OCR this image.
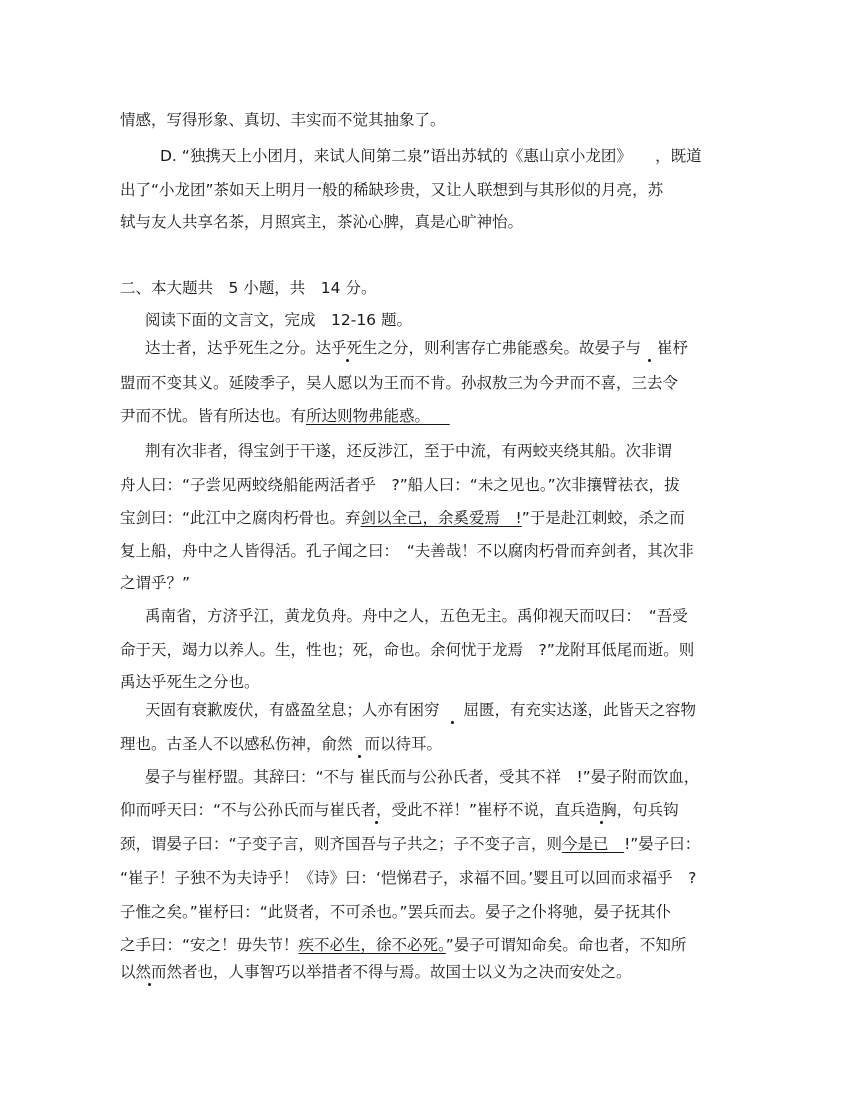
情感，写得形象、真切、丰实而不觉其抽象了。
D. “独携天上小团月，来试人间第二泉”语出苏轼的《惠山京小龙团》　　，既道
出了“小龙团”茶如天上明月一般的稀缺珍贵，又让人联想到与其形似的月亮，苏
轼与友人共享名茶，月照宾主，茶沁心脾，真是心旷神怡。
二、本大题共　5 小题，共　14 分。
阅读下面的文言文，完成　12-16 题。
达士者，达乎死生之分。达乎死生之分，则利害存亡弗能惑矣。故晏子与 崔杼
盟而不变其义。延陵季子，吴人愿以为王而不肯。孙叔敖三为今尹而不喜，三去令
尹而不忧。皆有所达也。有所达则物弗能惑。  
荆有次非者，得宝剑于干遂，还反涉江，至于中流，有两蛟夹绕其船。次非谓
舟人曰：“子尝见两蛟绕船能两活者乎　?”船人曰：“未之见也。”次非攘臂祛衣，拔
宝剑曰：“此江中之腐肉朽骨也。弃剑以全己，余奚爱焉　!”于是赴江刺蛟，杀之而
复上船，舟中之人皆得活。孔子闻之曰：　“夫善哉！不以腐肉朽骨而弃剑者，其次非
之谓乎？”
禹南省，方济乎江，黄龙负舟。舟中之人，五色无主。禹仰视天而叹曰：　“吾受
命于天，竭力以养人。生，性也；死，命也。余何忧于龙焉　?”龙附耳低尾而逝。则
禹达乎死生之分也。
天固有衰歉废伏，有盛盈坌息；人亦有困穷 屈匮，有充实达遂，此皆天之容物
理也。古圣人不以感私伤神，俞然 而以待耳。
晏子与崔杼盟。其辞曰：“不与 崔氏而与公孙氏者，受其不祥　!”晏子附而饮血，
仰而呼天曰：“不与公孙氏而与崔氏者，受此不祥！”崔杼不说，直兵造胸，句兵钩
颈，谓晏子曰：“子变子言，则齐国吾与子共之；子不变子言，则今是已　!”晏子曰：
“崔子！子独不为夫诗乎！《诗》曰：‘恺悌君子，求福不回。’婴且可以回而求福乎　?
子惟之矣。”崔杼曰：“此贤者，不可杀也。”罢兵而去。晏子之仆将驰，晏子抚其仆
之手曰：“安之！毋失节！疾不必生，徐不必死。”晏子可谓知命矣。命也者，不知所
以然而然者也，人事智巧以举措者不得与焉。故国士以义为之决而安处之。
